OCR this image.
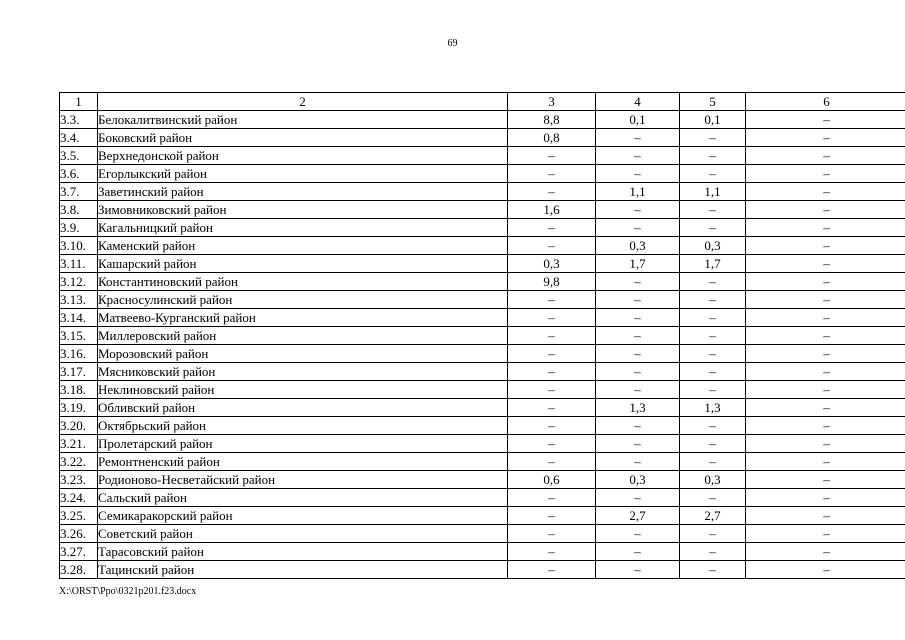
69
1	2	3	4	5	6
3.3.	Белокалитвинский район	8,8	0,1	0,1	–
3.4.	Боковский район	0,8	–	–	–
3.5.	Верхнедонской район	–	–	–	–
3.6.	Егорлыкский район	–	–	–	–
3.7.	Заветинский район	–	1,1	1,1	–
3.8.	Зимовниковский район	1,6	–	–	–
3.9.	Кагальницкий район	–	–	–	–
3.10.	Каменский район	–	0,3	0,3	–
3.11.	Кашарский район	0,3	1,7	1,7	–
3.12.	Константиновский район	9,8	–	–	–
3.13.	Красносулинский район	–	–	–	–
3.14.	Матвеево-Курганский район	–	–	–	–
3.15.	Миллеровский район	–	–	–	–
3.16.	Морозовский район	–	–	–	–
3.17.	Мясниковский район	–	–	–	–
3.18.	Неклиновский район	–	–	–	–
3.19.	Обливский район	–	1,3	1,3	–
3.20.	Октябрьский район	–	–	–	–
3.21.	Пролетарский район	–	–	–	–
3.22.	Ремонтненский район	–	–	–	–
3.23.	Родионово-Несветайский район	0,6	0,3	0,3	–
3.24.	Сальский район	–	–	–	–
3.25.	Семикаракорский район	–	2,7	2,7	–
3.26.	Советский район	–	–	–	–
3.27.	Тарасовский район	–	–	–	–
3.28.	Тацинский район	–	–	–	–
X:\ORST\Ppo\0321p201.f23.docx
